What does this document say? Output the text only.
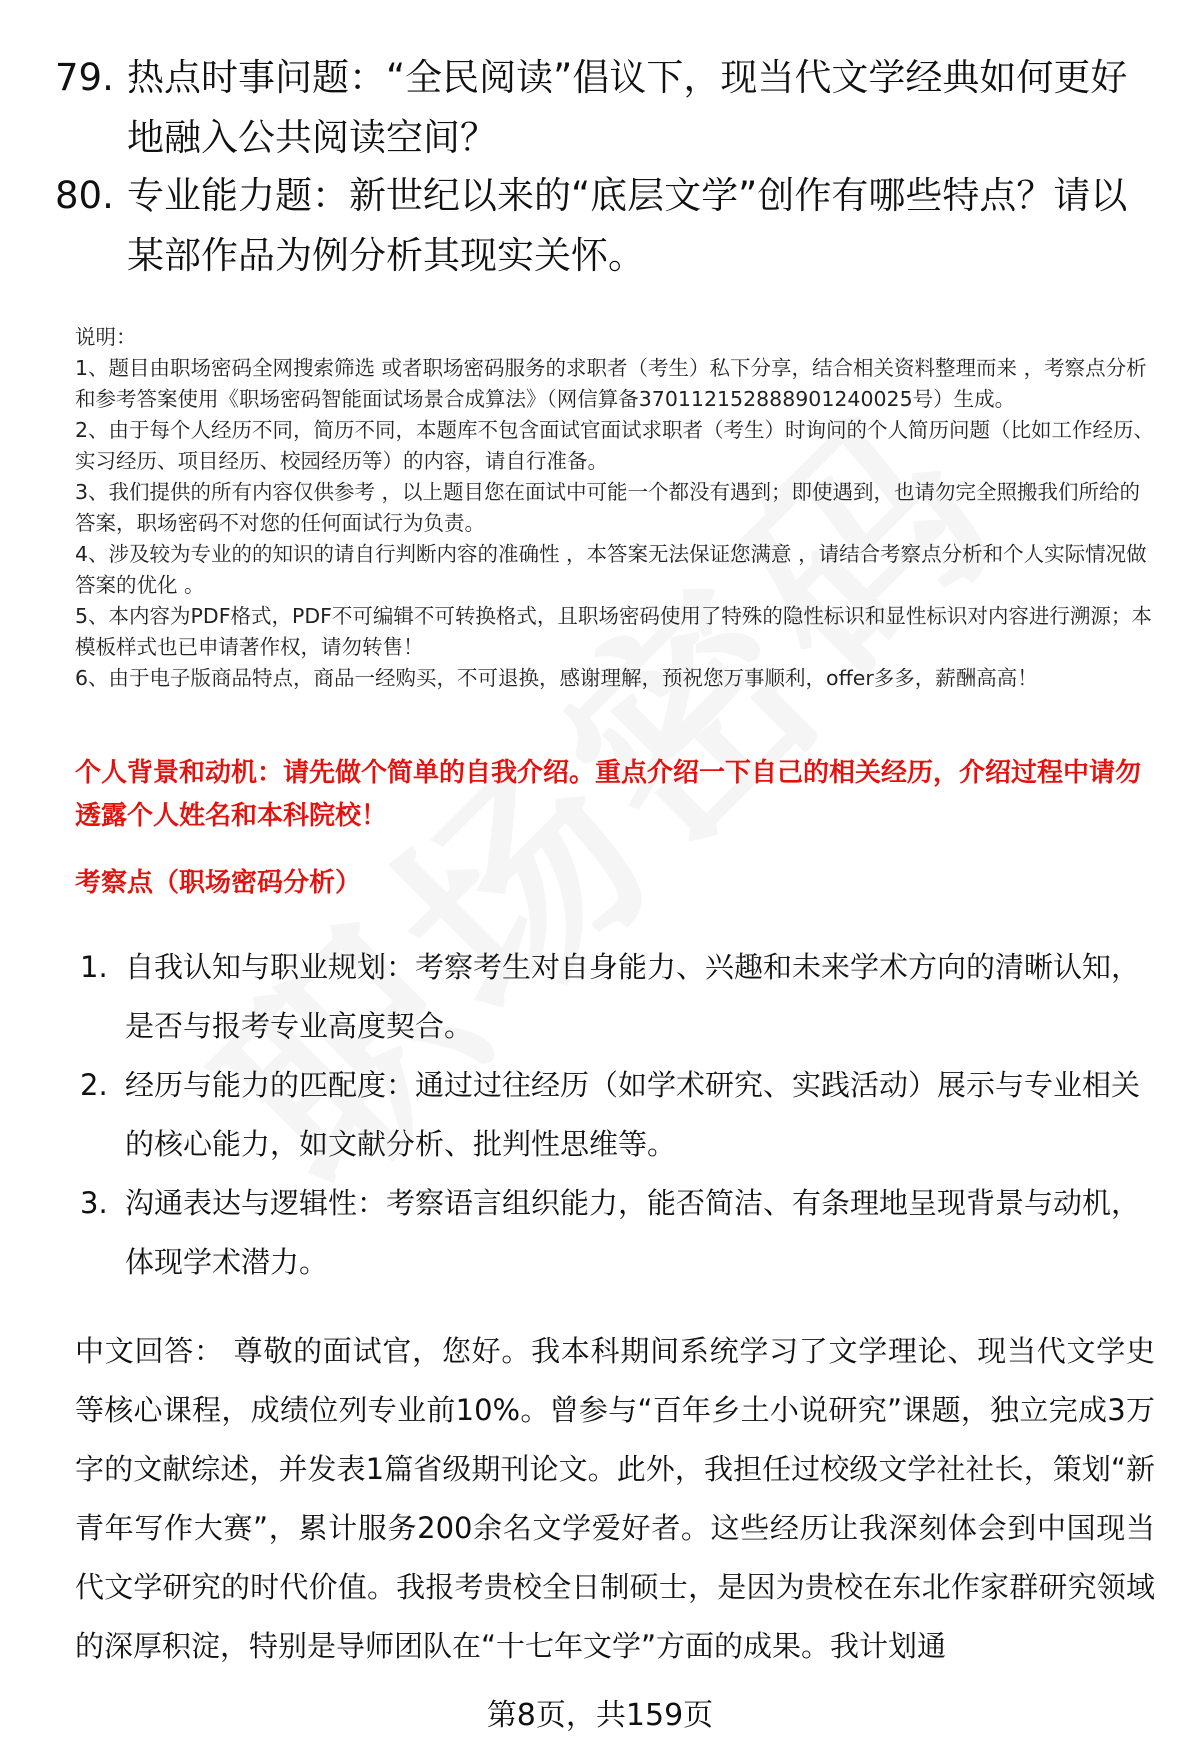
79. 热点时事问题：“全民阅读”倡议下，现当代文学经典如何更好地融入公共阅读空间？
80. 专业能力题：新世纪以来的“底层文学”创作有哪些特点？请以某部作品为例分析其现实关怀。

说明：

1、题目由职场密码全网搜索筛选 或者职场密码服务的求职者（考生）私下分享，结合相关资料整理而来 ，考察点分析和参考答案使用《职场密码智能面试场景合成算法》（网信算备370112152888901240025号）生成。

2、由于每个人经历不同，简历不同，本题库不包含面试官面试求职者（考生）时询问的个人简历问题（比如工作经历、实习经历、项目经历、校园经历等）的内容，请自行准备。

3、我们提供的所有内容仅供参考 ，以上题目您在面试中可能一个都没有遇到；即使遇到，也请勿完全照搬我们所给的答案，职场密码不对您的任何面试行为负责。

4、涉及较为专业的的知识的请自行判断内容的准确性 ，本答案无法保证您满意 ，请结合考察点分析和个人实际情况做答案的优化 。

5、本内容为PDF格式，PDF不可编辑不可转换格式，且职场密码使用了特殊的隐性标识和显性标识对内容进行溯源；本模板样式也已申请著作权，请勿转售！

6、由于电子版商品特点，商品一经购买，不可退换，感谢理解，预祝您万事顺利，offer多多，薪酬高高！

个人背景和动机：请先做个简单的自我介绍。重点介绍一下自己的相关经历，介绍过程中请勿透露个人姓名和本科院校！
考察点（职场密码分析）
1. 自我认知与职业规划：考察考生对自身能力、兴趣和未来学术方向的清晰认知，是否与报考专业高度契合。
2. 经历与能力的匹配度：通过过往经历（如学术研究、实践活动）展示与专业相关的核心能力，如文献分析、批判性思维等。
3. 沟通表达与逻辑性：考察语言组织能力，能否简洁、有条理地呈现背景与动机，体现学术潜力。
中文回答： 尊敬的面试官，您好。我本科期间系统学习了文学理论、现当代文学史等核心课程，成绩位列专业前10%。曾参与“百年乡土小说研究”课题，独立完成3万字的文献综述，并发表1篇省级期刊论文。此外，我担任过校级文学社社长，策划“新青年写作大赛”，累计服务200余名文学爱好者。这些经历让我深刻体会到中国现当代文学研究的时代价值。我报考贵校全日制硕士，是因为贵校在东北作家群研究领域的深厚积淀，特别是导师团队在“十七年文学”方面的成果。我计划通
第8页，共159页
